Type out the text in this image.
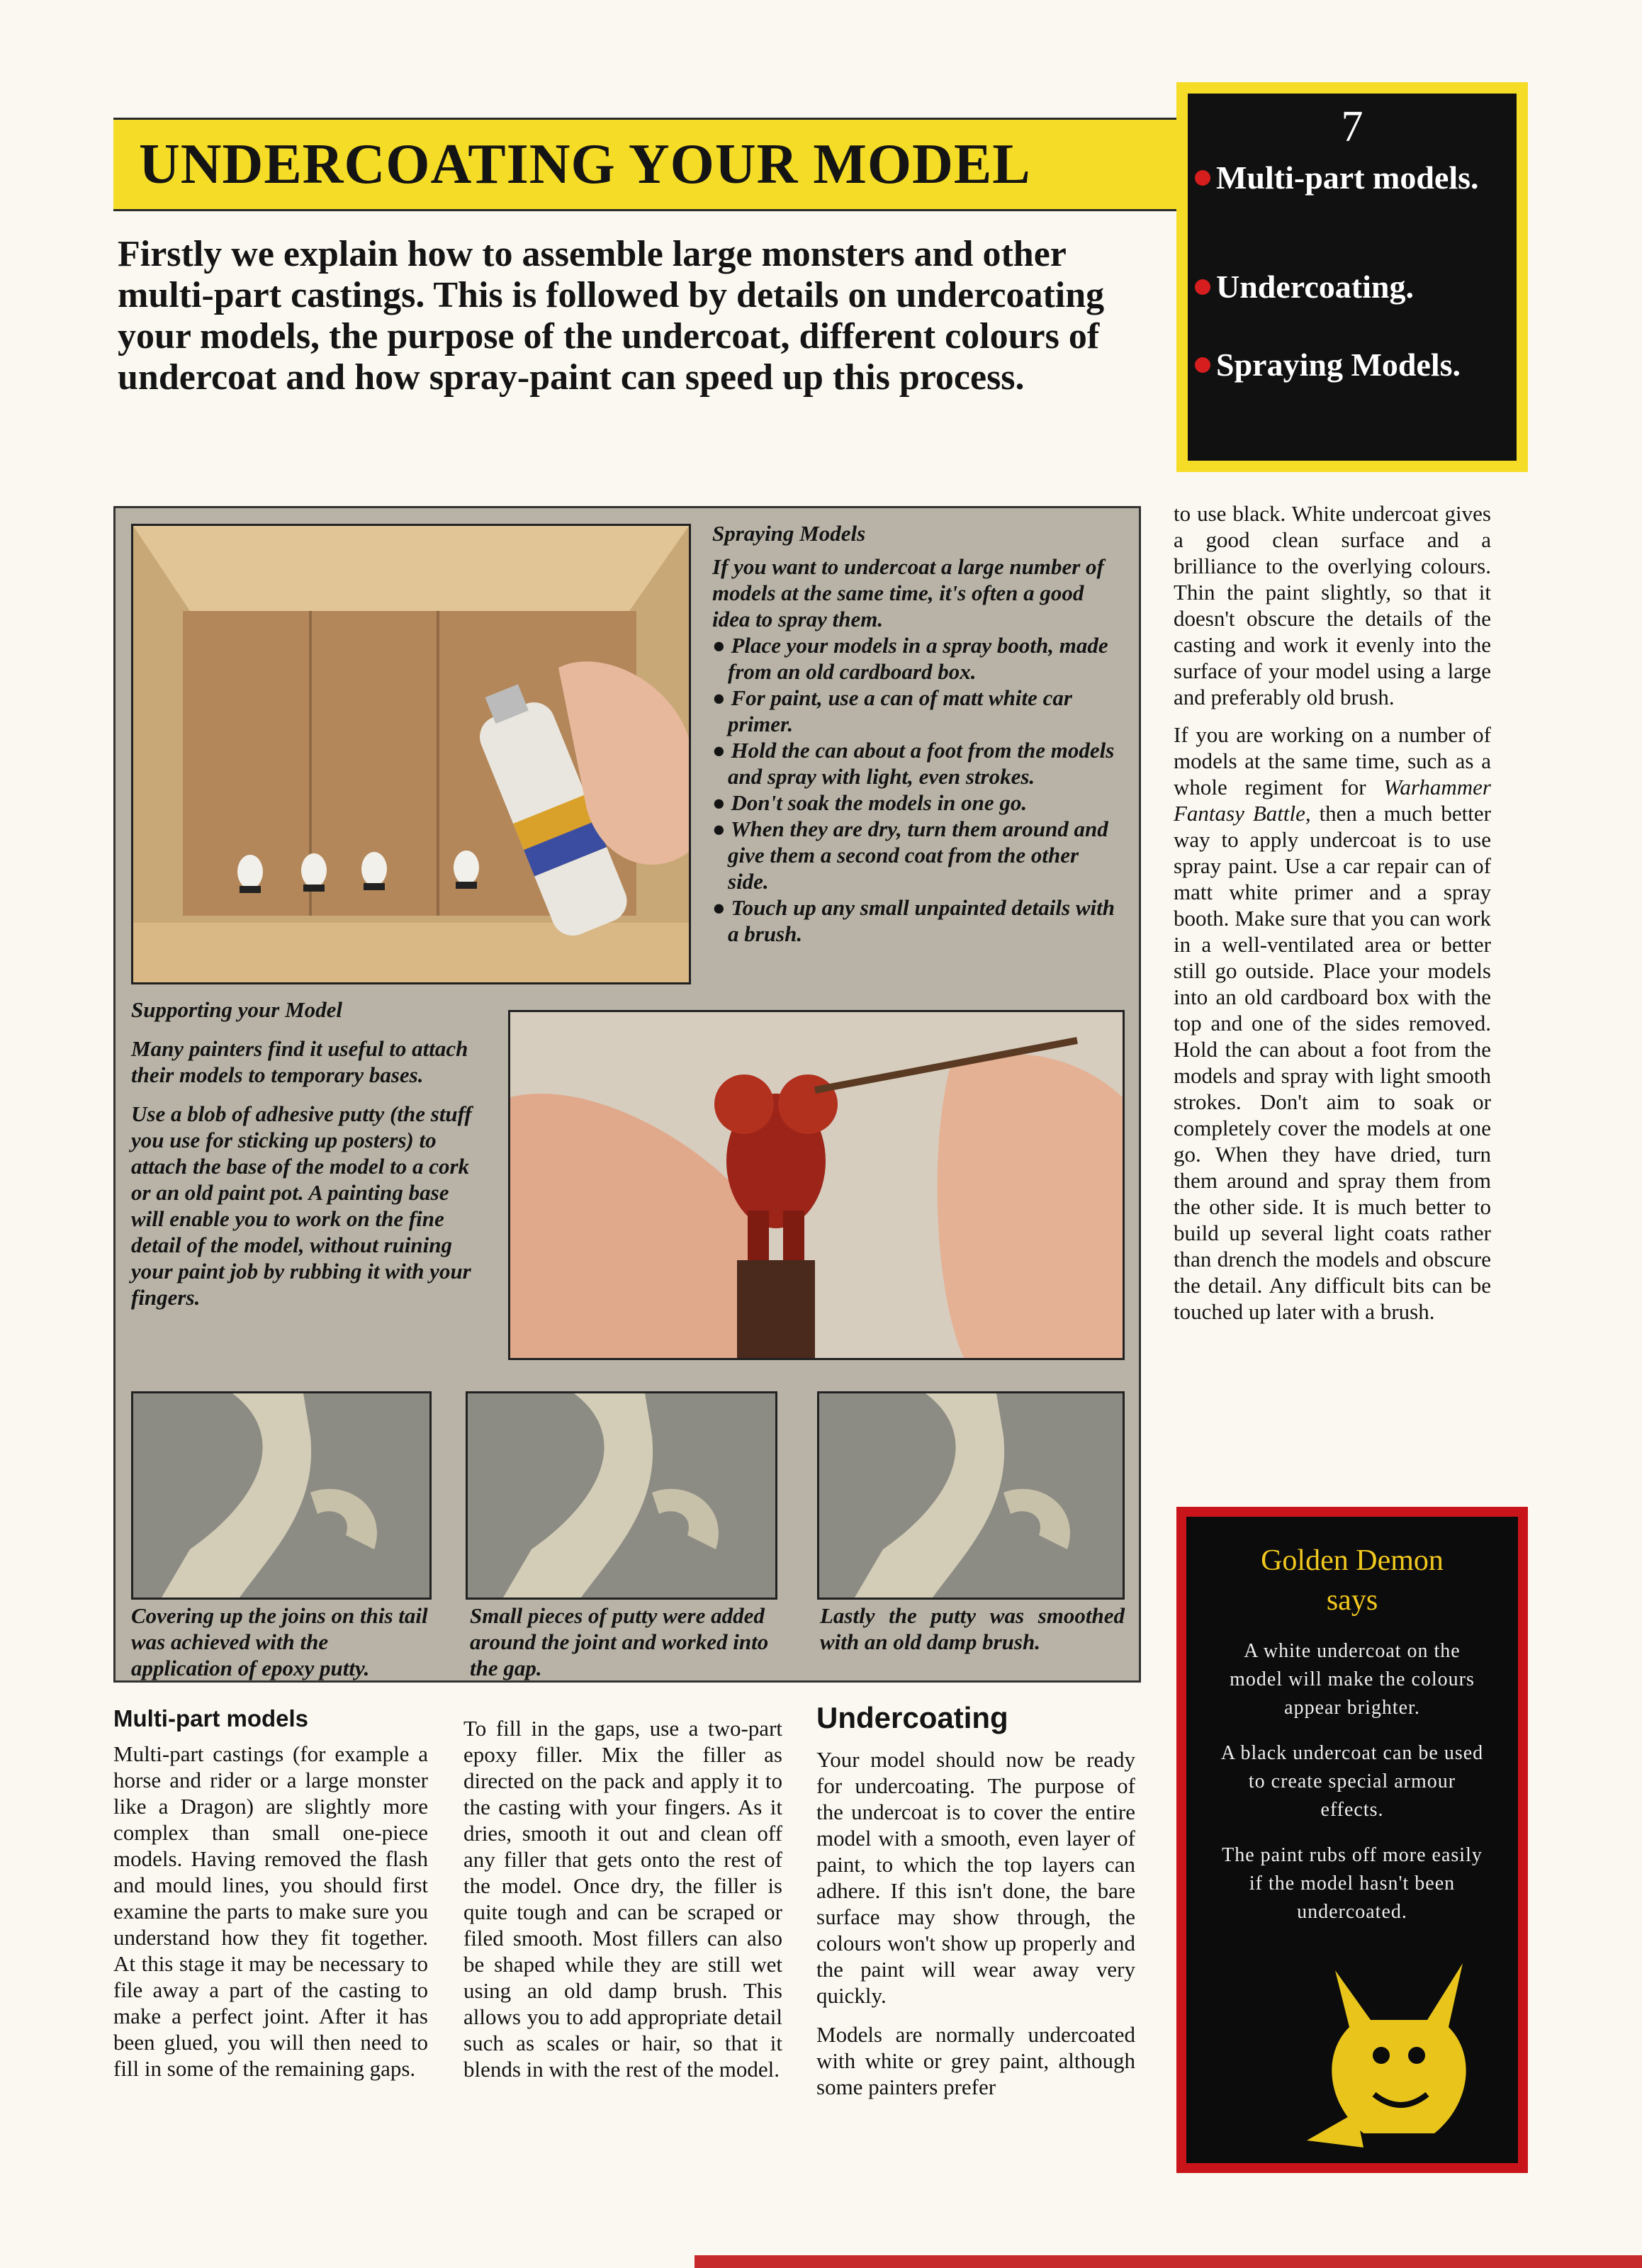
UNDERCOATING YOUR MODEL

Firstly we explain how to assemble large monsters and other multi-part castings. This is followed by details on undercoating your models, the purpose of the undercoat, different colours of undercoat and how spray-paint can speed up this process.

7
Multi-part models.
Undercoating.
Spraying Models.

Spraying Models

If you want to undercoat a large number of models at the same time, it's often a good idea to spray them.

● Place your models in a spray booth, made from an old cardboard box.

● For paint, use a can of matt white car primer.

● Hold the can about a foot from the models and spray with light, even strokes.

● Don't soak the models in one go.

● When they are dry, turn them around and give them a second coat from the other side.

● Touch up any small unpainted details with a brush.

Supporting your Model

Many painters find it useful to attach their models to temporary bases.

Use a blob of adhesive putty (the stuff you use for sticking up posters) to attach the base of the model to a cork or an old paint pot. A painting base will enable you to work on the fine detail of the model, without ruining your paint job by rubbing it with your fingers.

Covering up the joins on this tail was achieved with the application of epoxy putty.

Small pieces of putty were added around the joint and worked into the gap.

Lastly the putty was smoothed with an old damp brush.

to use black. White undercoat gives a good clean surface and a brilliance to the overlying colours. Thin the paint slightly, so that it doesn't obscure the details of the casting and work it evenly into the surface of your model using a large and preferably old brush.

If you are working on a number of models at the same time, such as a whole regiment for Warhammer Fantasy Battle, then a much better way to apply undercoat is to use spray paint. Use a car repair can of matt white primer and a spray booth. Make sure that you can work in a well-ventilated area or better still go outside. Place your models into an old cardboard box with the top and one of the sides removed. Hold the can about a foot from the models and spray with light smooth strokes. Don't aim to soak or completely cover the models at one go. When they have dried, turn them around and spray them from the other side. It is much better to build up several light coats rather than drench the models and obscure the detail. Any difficult bits can be touched up later with a brush.

Multi-part models

Multi-part castings (for example a horse and rider or a large monster like a Dragon) are slightly more complex than small one-piece models. Having removed the flash and mould lines, you should first examine the parts to make sure you understand how they fit together. At this stage it may be necessary to file away a part of the casting to make a perfect joint. After it has been glued, you will then need to fill in some of the remaining gaps.

To fill in the gaps, use a two-part epoxy filler. Mix the filler as directed on the pack and apply it to the casting with your fingers. As it dries, smooth it out and clean off any filler that gets onto the rest of the model. Once dry, the filler is quite tough and can be scraped or filed smooth. Most fillers can also be shaped while they are still wet using an old damp brush. This allows you to add appropriate detail such as scales or hair, so that it blends in with the rest of the model.

Undercoating

Your model should now be ready for undercoating. The purpose of the undercoat is to cover the entire model with a smooth, even layer of paint, to which the top layers can adhere. If this isn't done, the bare surface may show through, the colours won't show up properly and the paint will wear away very quickly.

Models are normally undercoated with white or grey paint, although some painters prefer

Golden Demon
says

A white undercoat on the model will make the colours appear brighter.

A black undercoat can be used to create special armour effects.

The paint rubs off more easily if the model hasn't been undercoated.
